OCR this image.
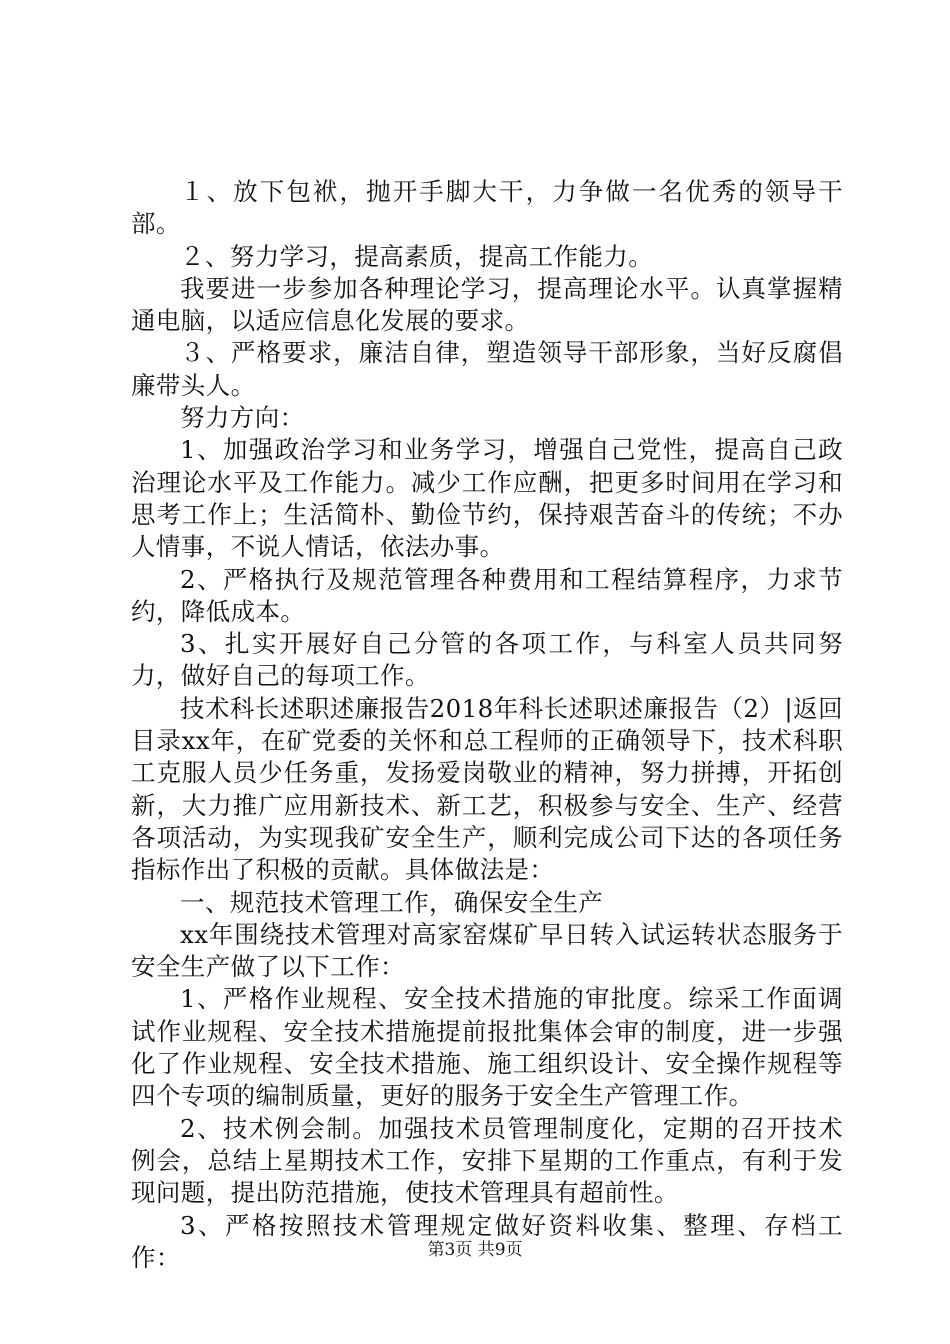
１、放下包袱，抛开手脚大干，力争做一名优秀的领导干部。

２、努力学习，提高素质，提高工作能力。

我要进一步参加各种理论学习，提高理论水平。认真掌握精通电脑，以适应信息化发展的要求。

３、严格要求，廉洁自律，塑造领导干部形象，当好反腐倡廉带头人。

努力方向：

1、加强政治学习和业务学习，增强自己党性，提高自己政治理论水平及工作能力。减少工作应酬，把更多时间用在学习和思考工作上；生活简朴、勤俭节约，保持艰苦奋斗的传统；不办人情事，不说人情话，依法办事。

2、严格执行及规范管理各种费用和工程结算程序，力求节约，降低成本。

3、扎实开展好自己分管的各项工作，与科室人员共同努力，做好自己的每项工作。

技术科长述职述廉报告2018年科长述职述廉报告（2）|返回目录xx年，在矿党委的关怀和总工程师的正确领导下，技术科职工克服人员少任务重，发扬爱岗敬业的精神，努力拼搏，开拓创新，大力推广应用新技术、新工艺，积极参与安全、生产、经营各项活动，为实现我矿安全生产，顺利完成公司下达的各项任务指标作出了积极的贡献。具体做法是：

一、规范技术管理工作，确保安全生产

xx年围绕技术管理对高家窑煤矿早日转入试运转状态服务于安全生产做了以下工作：

1、严格作业规程、安全技术措施的审批度。综采工作面调试作业规程、安全技术措施提前报批集体会审的制度，进一步强化了作业规程、安全技术措施、施工组织设计、安全操作规程等四个专项的编制质量，更好的服务于安全生产管理工作。

2、技术例会制。加强技术员管理制度化，定期的召开技术例会，总结上星期技术工作，安排下星期的工作重点，有利于发现问题，提出防范措施，使技术管理具有超前性。

3、严格按照技术管理规定做好资料收集、整理、存档工作：	第3页 共9页
